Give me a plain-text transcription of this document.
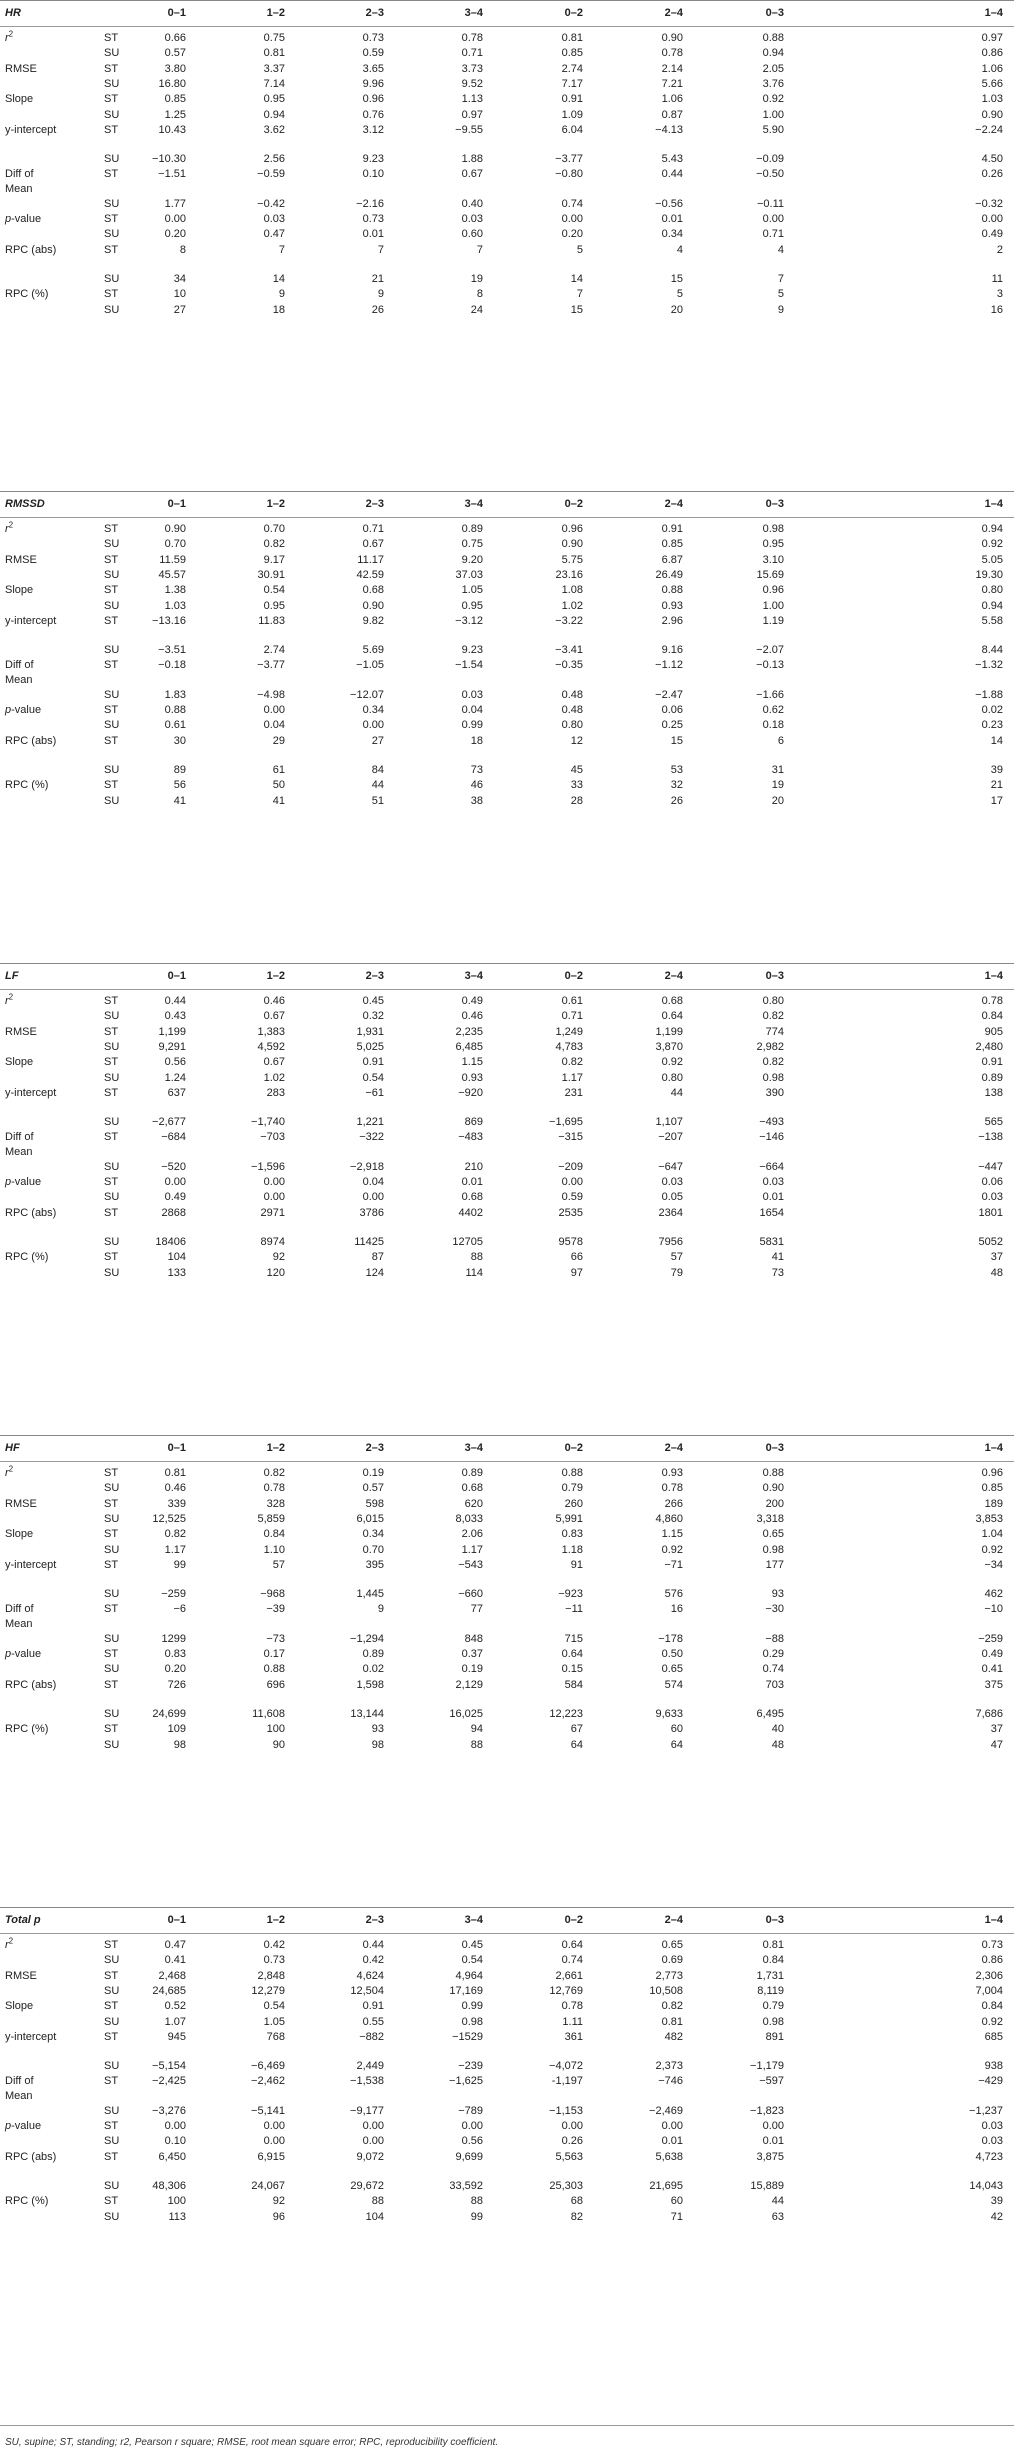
HR	0–1	1–2	2–3	3–4	0–2	2–4	0–3	1–4
$r^2$	ST	0.66	0.75	0.73	0.78	0.81	0.90	0.88	0.97
SU	0.57	0.81	0.59	0.71	0.85	0.78	0.94	0.86
RMSE	ST	3.80	3.37	3.65	3.73	2.74	2.14	2.05	1.06
SU	16.80	7.14	9.96	9.52	7.17	7.21	3.76	5.66
Slope	ST	0.85	0.95	0.96	1.13	0.91	1.06	0.92	1.03
SU	1.25	0.94	0.76	0.97	1.09	0.87	1.00	0.90
y-intercept	ST	10.43	3.62	3.12	−9.55	6.04	−4.13	5.90	−2.24
SU	−10.30	2.56	9.23	1.88	−3.77	5.43	−0.09	4.50
Diff of Mean
ST	−1.51	−0.59	0.10	0.67	−0.80	0.44	−0.50	0.26
SU	1.77	−0.42	−2.16	0.40	0.74	−0.56	−0.11	−0.32
p-value	ST	0.00	0.03	0.73	0.03	0.00	0.01	0.00	0.00
SU	0.20	0.47	0.01	0.60	0.20	0.34	0.71	0.49
RPC (abs)	ST	8	7	7	7	5	4	4	2
SU	34	14	21	19	14	15	7	11
RPC (%)	ST	10	9	9	8	7	5	5	3
SU	27	18	26	24	15	20	9	16
RMSSD	0–1	1–2	2–3	3–4	0–2	2–4	0–3	1–4
$r^2$	ST	0.90	0.70	0.71	0.89	0.96	0.91	0.98	0.94
SU	0.70	0.82	0.67	0.75	0.90	0.85	0.95	0.92
RMSE	ST	11.59	9.17	11.17	9.20	5.75	6.87	3.10	5.05
SU	45.57	30.91	42.59	37.03	23.16	26.49	15.69	19.30
Slope	ST	1.38	0.54	0.68	1.05	1.08	0.88	0.96	0.80
SU	1.03	0.95	0.90	0.95	1.02	0.93	1.00	0.94
y-intercept	ST	−13.16	11.83	9.82	−3.12	−3.22	2.96	1.19	5.58
SU	−3.51	2.74	5.69	9.23	−3.41	9.16	−2.07	8.44
Diff of Mean
ST	−0.18	−3.77	−1.05	−1.54	−0.35	−1.12	−0.13	−1.32
SU	1.83	−4.98	−12.07	0.03	0.48	−2.47	−1.66	−1.88
p-value	ST	0.88	0.00	0.34	0.04	0.48	0.06	0.62	0.02
SU	0.61	0.04	0.00	0.99	0.80	0.25	0.18	0.23
RPC (abs)	ST	30	29	27	18	12	15	6	14
SU	89	61	84	73	45	53	31	39
RPC (%)	ST	56	50	44	46	33	32	19	21
SU	41	41	51	38	28	26	20	17
LF	0–1	1–2	2–3	3–4	0–2	2–4	0–3	1–4
$r^2$	ST	0.44	0.46	0.45	0.49	0.61	0.68	0.80	0.78
SU	0.43	0.67	0.32	0.46	0.71	0.64	0.82	0.84
RMSE	ST	1,199	1,383	1,931	2,235	1,249	1,199	774	905
SU	9,291	4,592	5,025	6,485	4,783	3,870	2,982	2,480
Slope	ST	0.56	0.67	0.91	1.15	0.82	0.92	0.82	0.91
SU	1.24	1.02	0.54	0.93	1.17	0.80	0.98	0.89
y-intercept	ST	637	283	−61	−920	231	44	390	138
SU	−2,677	−1,740	1,221	869	−1,695	1,107	−493	565
Diff of Mean
ST	−684	−703	−322	−483	−315	−207	−146	−138
SU	−520	−1,596	−2,918	210	−209	−647	−664	−447
p-value	ST	0.00	0.00	0.04	0.01	0.00	0.03	0.03	0.06
SU	0.49	0.00	0.00	0.68	0.59	0.05	0.01	0.03
RPC (abs)	ST	2868	2971	3786	4402	2535	2364	1654	1801
SU	18406	8974	11425	12705	9578	7956	5831	5052
RPC (%)	ST	104	92	87	88	66	57	41	37
SU	133	120	124	114	97	79	73	48
HF	0–1	1–2	2–3	3–4	0–2	2–4	0–3	1–4
$r^2$	ST	0.81	0.82	0.19	0.89	0.88	0.93	0.88	0.96
SU	0.46	0.78	0.57	0.68	0.79	0.78	0.90	0.85
RMSE	ST	339	328	598	620	260	266	200	189
SU	12,525	5,859	6,015	8,033	5,991	4,860	3,318	3,853
Slope	ST	0.82	0.84	0.34	2.06	0.83	1.15	0.65	1.04
SU	1.17	1.10	0.70	1.17	1.18	0.92	0.98	0.92
y-intercept	ST	99	57	395	−543	91	−71	177	−34
SU	−259	−968	1,445	−660	−923	576	93	462
Diff of Mean
ST	−6	−39	9	77	−11	16	−30	−10
SU	1299	−73	−1,294	848	715	−178	−88	−259
p-value	ST	0.83	0.17	0.89	0.37	0.64	0.50	0.29	0.49
SU	0.20	0.88	0.02	0.19	0.15	0.65	0.74	0.41
RPC (abs)	ST	726	696	1,598	2,129	584	574	703	375
SU	24,699	11,608	13,144	16,025	12,223	9,633	6,495	7,686
RPC (%)	ST	109	100	93	94	67	60	40	37
SU	98	90	98	88	64	64	48	47
Total p	0–1	1–2	2–3	3–4	0–2	2–4	0–3	1–4
$r^2$	ST	0.47	0.42	0.44	0.45	0.64	0.65	0.81	0.73
SU	0.41	0.73	0.42	0.54	0.74	0.69	0.84	0.86
RMSE	ST	2,468	2,848	4,624	4,964	2,661	2,773	1,731	2,306
SU	24,685	12,279	12,504	17,169	12,769	10,508	8,119	7,004
Slope	ST	0.52	0.54	0.91	0.99	0.78	0.82	0.79	0.84
SU	1.07	1.05	0.55	0.98	1.11	0.81	0.98	0.92
y-intercept	ST	945	768	−882	−1529	361	482	891	685
SU	−5,154	−6,469	2,449	−239	−4,072	2,373	−1,179	938
Diff of Mean
ST	−2,425	−2,462	−1,538	−1,625	-1,197	−746	−597	−429
SU	−3,276	−5,141	−9,177	−789	−1,153	−2,469	−1,823	−1,237
p-value	ST	0.00	0.00	0.00	0.00	0.00	0.00	0.00	0.03
SU	0.10	0.00	0.00	0.56	0.26	0.01	0.01	0.03
RPC (abs)	ST	6,450	6,915	9,072	9,699	5,563	5,638	3,875	4,723
SU	48,306	24,067	29,672	33,592	25,303	21,695	15,889	14,043
RPC (%)	ST	100	92	88	88	68	60	44	39
SU	113	96	104	99	82	71	63	42
SU, supine; ST, standing; r2, Pearson r square; RMSE, root mean square error; RPC, reproducibility coefficient.
